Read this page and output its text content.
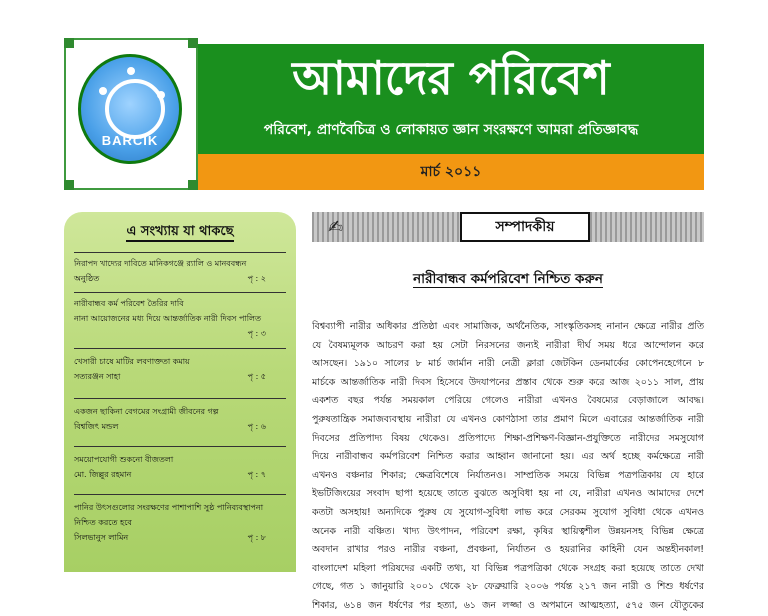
BARCIK
আমাদের পরিবেশ
পরিবেশ, প্রাণবৈচিত্র ও লোকায়ত জ্ঞান সংরক্ষণে আমরা প্রতিজ্ঞাবদ্ধ
মার্চ ২০১১
এ সংখ্যায় যা থাকছে
নিরাপদ খাদ্যের দাবিতে মানিকগঞ্জে র‌্যালি ও মানববন্ধন
অনুষ্ঠিত	পৃ : ২
নারীবান্ধব কর্ম পরিবেশ তৈরির দাবি
নানা আয়োজনের মধ্য দিয়ে আন্তর্জাতিক নারী দিবস পালিত
পৃ : ৩
খেসারী চাষে মাটির লবণাক্ততা কমায়
সত্যরঞ্জন সাহা	পৃ : ৫
একজন ছাকিনা বেগমের সংগ্রামী জীবনের গল্প
বিশ্বজিৎ মন্ডল	পৃ : ৬
সময়োপযোগী শুকনো বীজতলা
মো. জিল্লুর রহমান	পৃ : ৭
পানির উৎসগুলোর সংরক্ষণের পাশাপাশি সুষ্ঠ পানিব্যবস্থাপনা
নিশ্চিত করতে হবে
সিলভানুস লামিন	পৃ : ৮
✍	সম্পাদকীয়
নারীবান্ধব কর্মপরিবেশ নিশ্চিত করুন
বিশ্বব্যাপী নারীর অধিকার প্রতিষ্ঠা এবং সামাজিক, অর্থনৈতিক, সাংস্কৃতিকসহ নানান ক্ষেত্রে নারীর প্রতি
যে বৈষম্যমূলক আচরণ করা হয় সেটা নিরসনের জন্যই নারীরা দীর্ঘ সময় ধরে আন্দোলন করে
আসছেন। ১৯১০ সালের ৮ মার্চ জার্মান নারী নেত্রী ক্লারা জেটকিন ডেনমার্কের কোপেনহেগেনে ৮
মার্চকে আন্তর্জাতিক নারী দিবস হিসেবে উদযাপনের প্রস্তাব থেকে শুরু করে আজ ২০১১ সাল, প্রায়
একশত বছর পর্যন্ত সময়কাল পেরিয়ে গেলেও নারীরা এখনও বৈষম্যের বেড়াজালে আবদ্ধ।
পুরুষতান্ত্রিক সমাজব্যবস্থায় নারীরা যে এখনও কোণঠাসা তার প্রমাণ মিলে এবারের আন্তর্জাতিক নারী
দিবসের প্রতিপাদ্য বিষয় থেকেও। প্রতিপাদ্যে শিক্ষা-প্রশিক্ষণ-বিজ্ঞান-প্রযুক্তিতে নারীদের সমসুযোগ
দিয়ে নারীবান্ধব কর্মপরিবেশ নিশ্চিত করার আহ্বান জানানো হয়। এর অর্থ হচ্ছে কর্মক্ষেত্রে নারী
এখনও বঞ্চনার শিকার; ক্ষেত্রবিশেষে নির্যাতনও। সাম্প্রতিক সময়ে বিভিন্ন পত্রপত্রিকায় যে হারে
ইভটিজিংয়ের সংবাদ ছাপা হয়েছে তাতে বুঝতে অসুবিধা হয় না যে, নারীরা এখনও আমাদের দেশে
কতটা অসহায়! অন্যদিকে পুরুষ যে সুযোগ-সুবিধা লাভ করে সেরকম সুযোগ সুবিধা থেকে এখনও
অনেক নারী বঞ্চিত। খাদ্য উৎপাদন, পরিবেশ রক্ষা, কৃষির স্থায়িত্বশীল উন্নয়নসহ বিভিন্ন ক্ষেত্রে
অবদান রাখার পরও নারীর বঞ্চনা, প্রবঞ্চনা, নির্যাতন ও হয়রানির কাহিনী যেন অন্তহীনকাল!
বাংলাদেশ মহিলা পরিষদের একটি তথ্য, যা বিভিন্ন পত্রপত্রিকা থেকে সংগ্রহ করা হয়েছে তাতে দেখা
গেছে, গত ১ জানুয়ারি ২০০১ থেকে ২৮ ফেব্রুয়ারি ২০০৬ পর্যন্ত ২১৭ জন নারী ও শিশু ধর্ষণের
শিকার, ৬১৪ জন ধর্ষণের পর হত্যা, ৬১ জন লজ্জা ও অপমানে আত্মহত্যা, ৫৭৫ জন যৌতুকের
